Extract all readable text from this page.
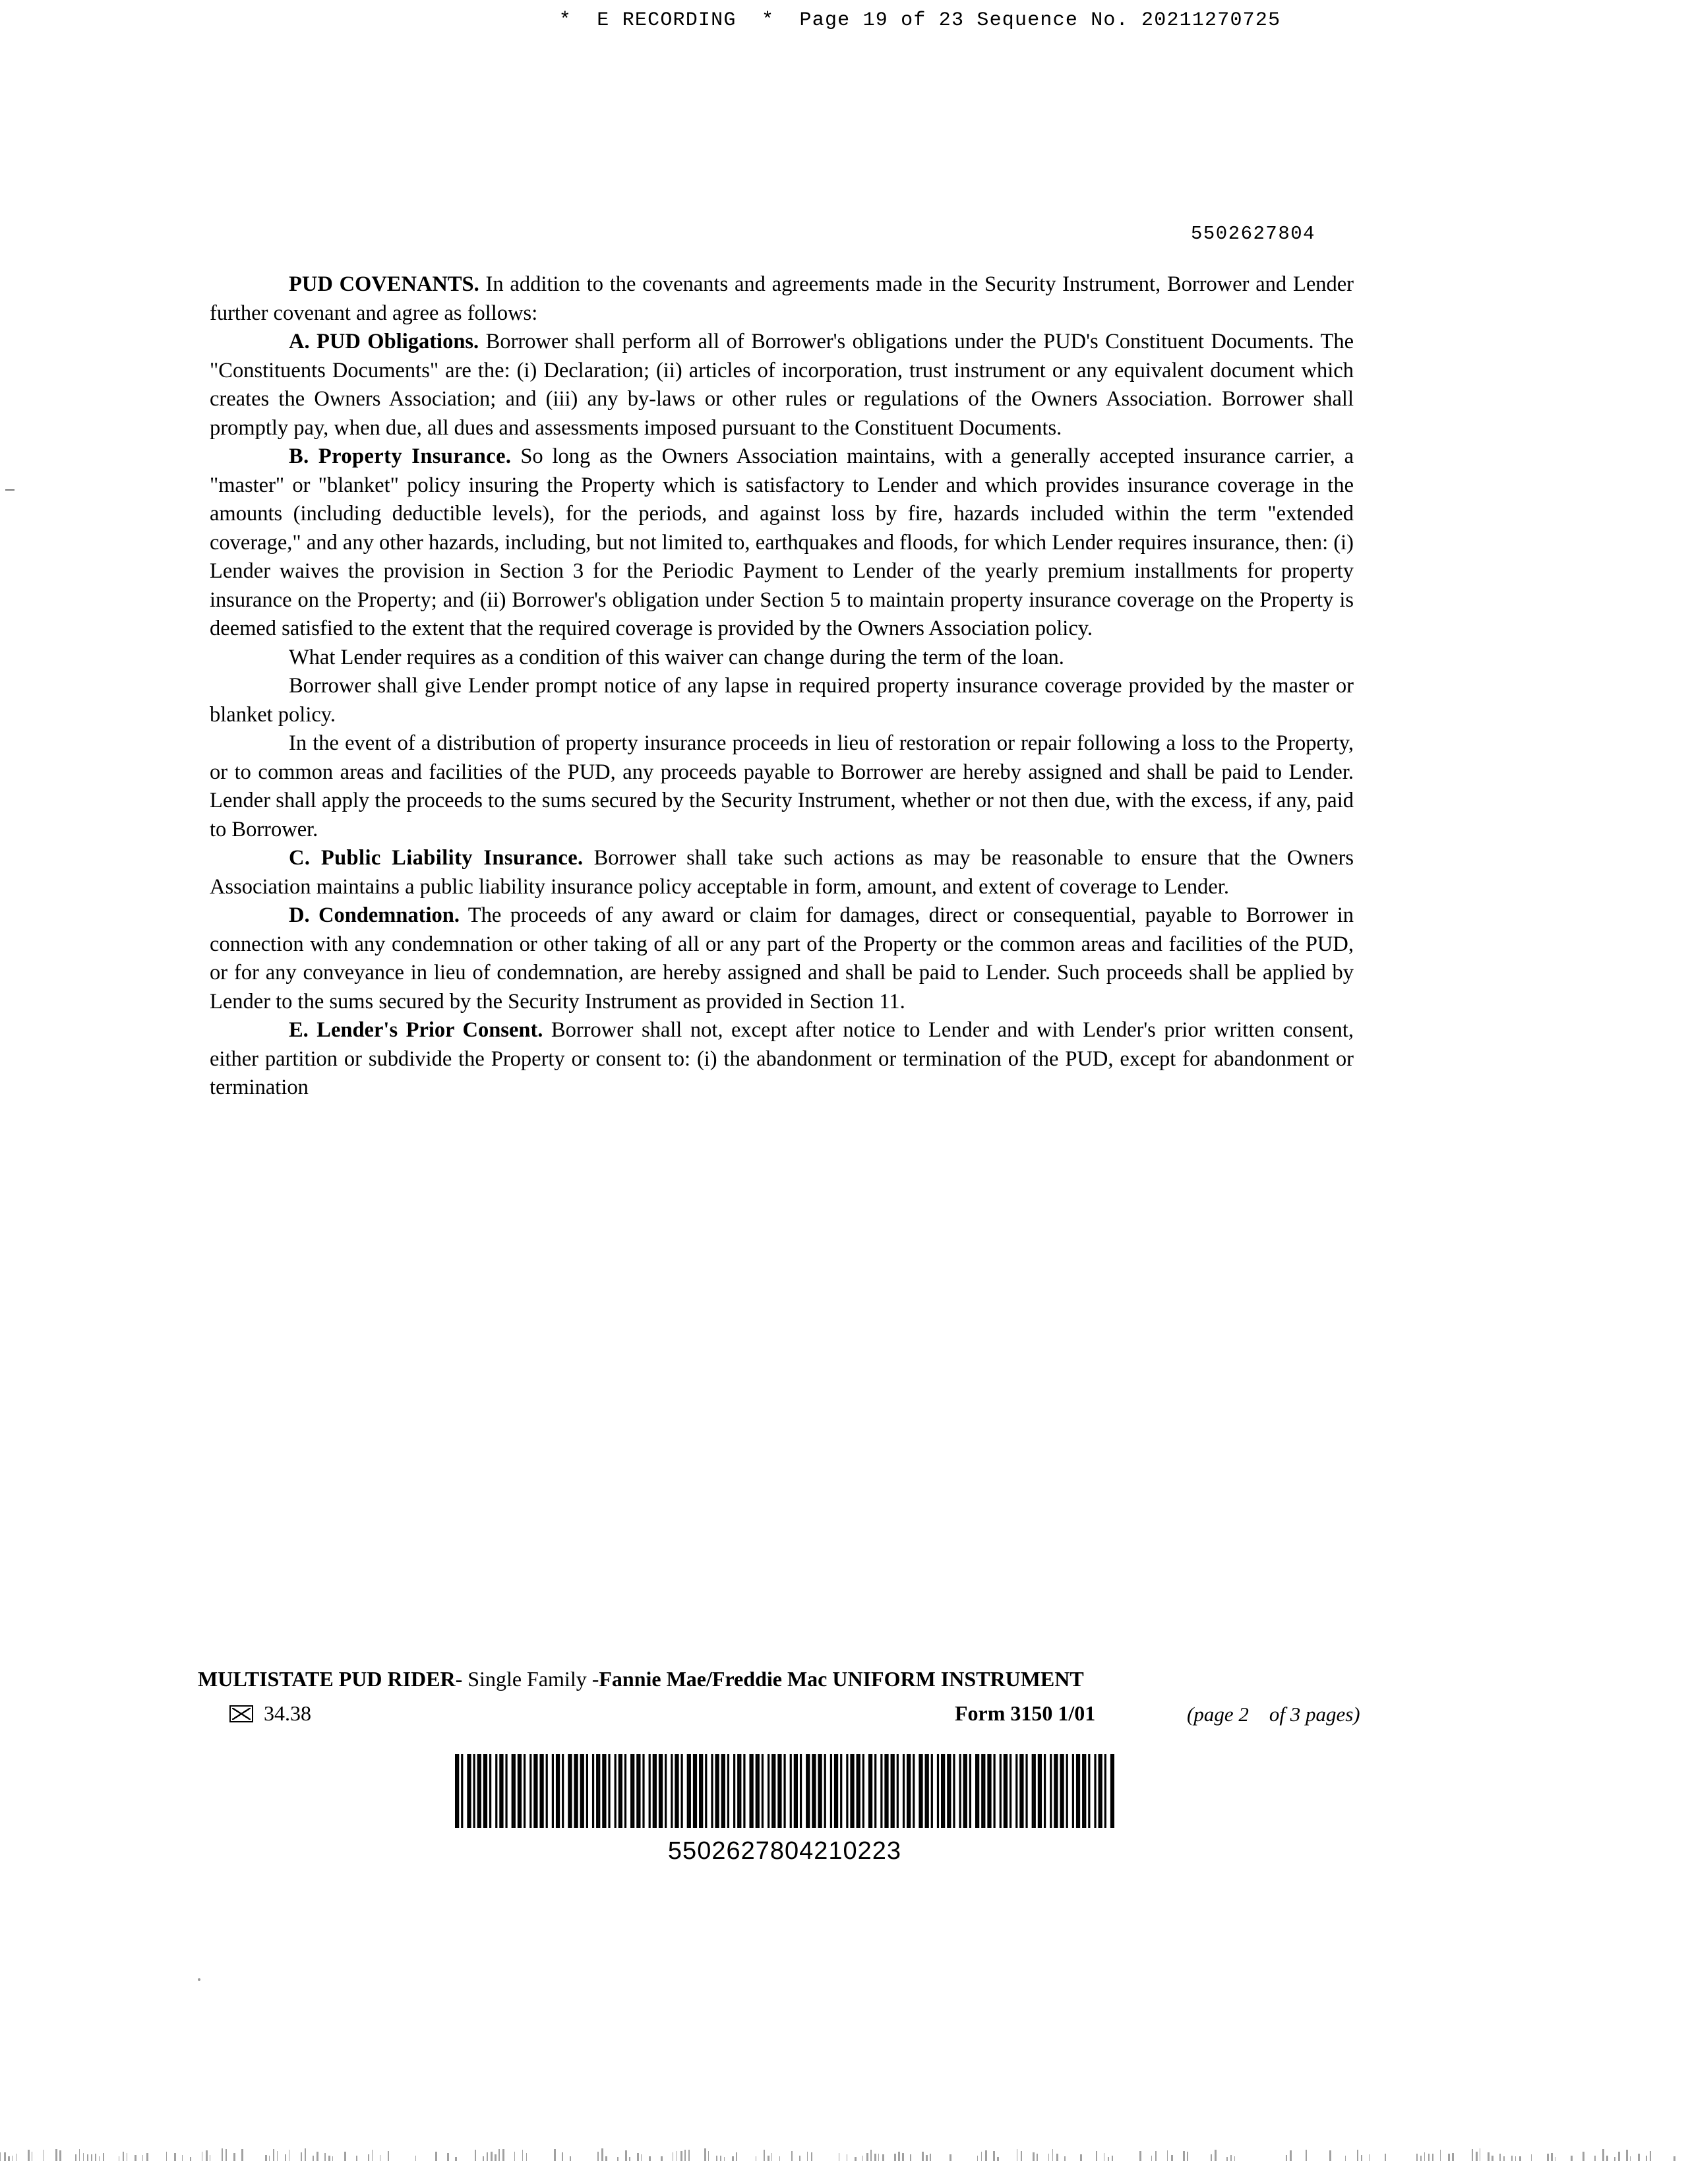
*  E RECORDING  *  Page 19 of 23 Sequence No. 20211270725
5502627804

PUD COVENANTS. In addition to the covenants and agreements made in the Security Instrument, Borrower and Lender further covenant and agree as follows:

A. PUD Obligations. Borrower shall perform all of Borrower's obligations under the PUD's Constituent Documents. The "Constituents Documents" are the: (i) Declaration; (ii) articles of incorporation, trust instrument or any equivalent document which creates the Owners Association; and (iii) any by-laws or other rules or regulations of the Owners Association. Borrower shall promptly pay, when due, all dues and assessments imposed pursuant to the Constituent Documents.

B. Property Insurance. So long as the Owners Association maintains, with a generally accepted insurance carrier, a "master" or "blanket" policy insuring the Property which is satisfactory to Lender and which provides insurance coverage in the amounts (including deductible levels), for the periods, and against loss by fire, hazards included within the term "extended coverage," and any other hazards, including, but not limited to, earthquakes and floods, for which Lender requires insurance, then: (i) Lender waives the provision in Section 3 for the Periodic Payment to Lender of the yearly premium installments for property insurance on the Property; and (ii) Borrower's obligation under Section 5 to maintain property insurance coverage on the Property is deemed satisfied to the extent that the required coverage is provided by the Owners Association policy.

What Lender requires as a condition of this waiver can change during the term of the loan.

Borrower shall give Lender prompt notice of any lapse in required property insurance coverage provided by the master or blanket policy.

In the event of a distribution of property insurance proceeds in lieu of restoration or repair following a loss to the Property, or to common areas and facilities of the PUD, any proceeds payable to Borrower are hereby assigned and shall be paid to Lender. Lender shall apply the proceeds to the sums secured by the Security Instrument, whether or not then due, with the excess, if any, paid to Borrower.

C. Public Liability Insurance. Borrower shall take such actions as may be reasonable to ensure that the Owners Association maintains a public liability insurance policy acceptable in form, amount, and extent of coverage to Lender.

D. Condemnation. The proceeds of any award or claim for damages, direct or consequential, payable to Borrower in connection with any condemnation or other taking of all or any part of the Property or the common areas and facilities of the PUD, or for any conveyance in lieu of condemnation, are hereby assigned and shall be paid to Lender. Such proceeds shall be applied by Lender to the sums secured by the Security Instrument as provided in Section 11.

E. Lender's Prior Consent. Borrower shall not, except after notice to Lender and with Lender's prior written consent, either partition or subdivide the Property or consent to: (i) the abandonment or termination of the PUD, except for abandonment or termination

MULTISTATE PUD RIDER- Single Family -Fannie Mae/Freddie Mac UNIFORM INSTRUMENT
34.38	Form 3150 1/01	(page 2    of 3 pages)
5502627804210223
